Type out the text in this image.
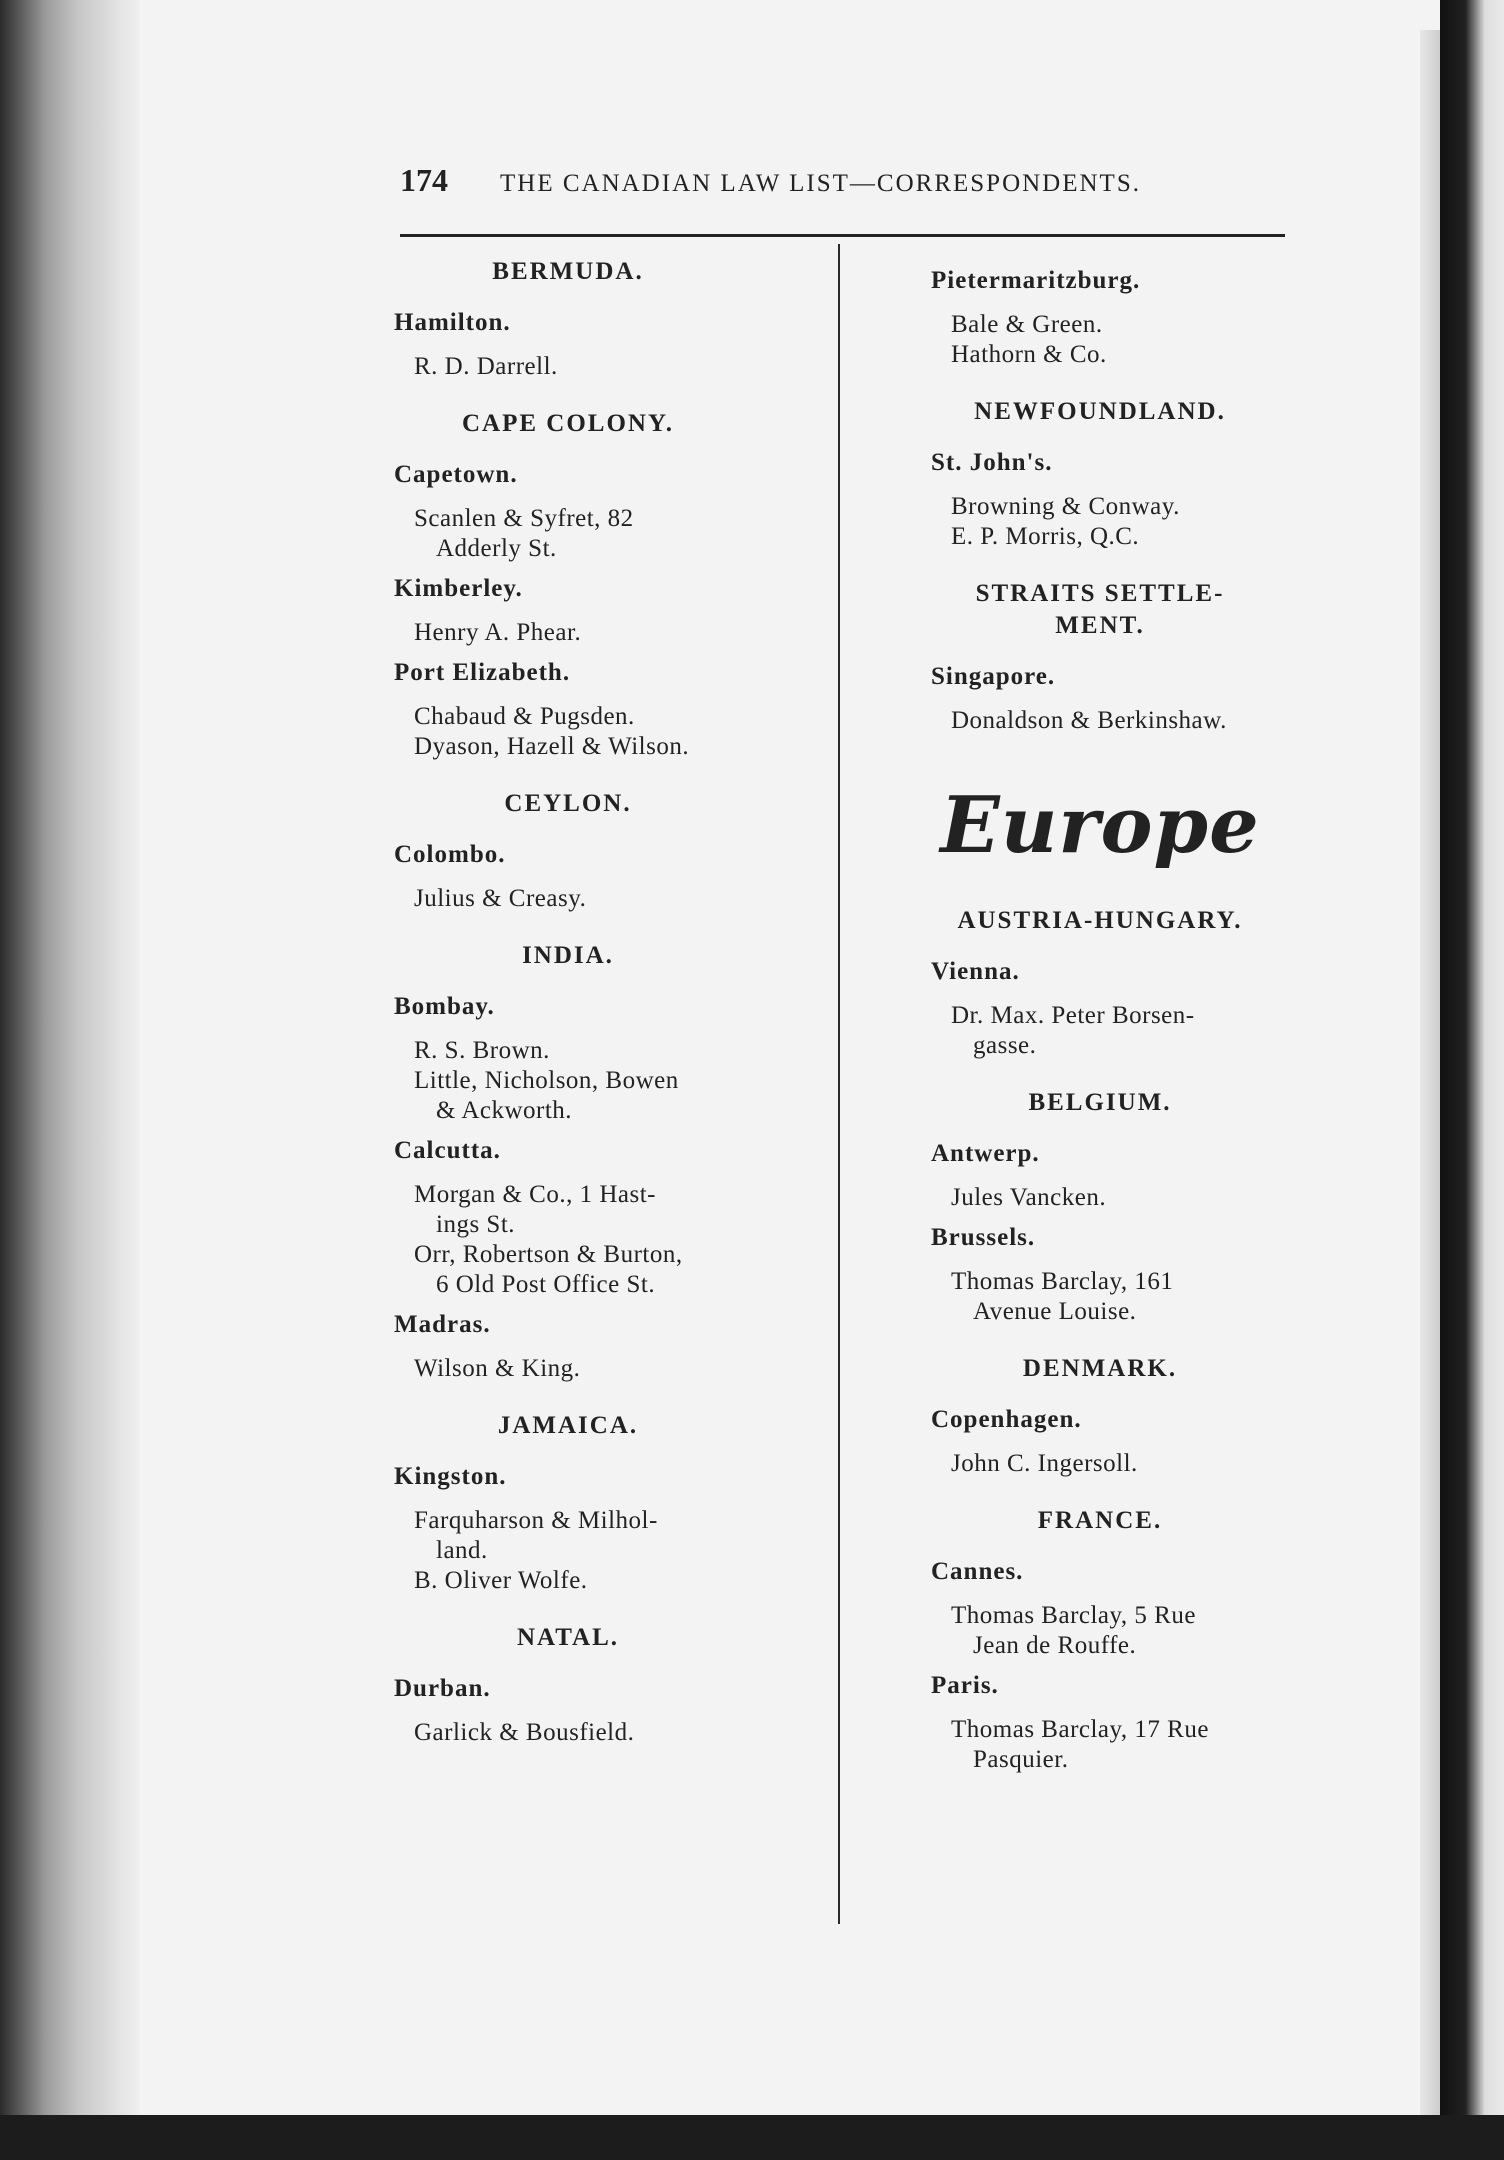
174 THE CANADIAN LAW LIST—CORRESPONDENTS.
BERMUDA.
Hamilton.
R. D. Darrell.
CAPE COLONY.
Capetown.
Scanlen & Syfret, 82
Adderly St.
Kimberley.
Henry A. Phear.
Port Elizabeth.
Chabaud & Pugsden.
Dyason, Hazell & Wilson.
CEYLON.
Colombo.
Julius & Creasy.
INDIA.
Bombay.
R. S. Brown.
Little, Nicholson, Bowen
& Ackworth.
Calcutta.
Morgan & Co., 1 Hast-
ings St.
Orr, Robertson & Burton,
6 Old Post Office St.
Madras.
Wilson & King.
JAMAICA.
Kingston.
Farquharson & Milhol-
land.
B. Oliver Wolfe.
NATAL.
Durban.
Garlick & Bousfield.
Pietermaritzburg.
Bale & Green.
Hathorn & Co.
NEWFOUNDLAND.
St. John's.
Browning & Conway.
E. P. Morris, Q.C.
STRAITS SETTLE-MENT.
Singapore.
Donaldson & Berkinshaw.
Europe
AUSTRIA-HUNGARY.
Vienna.
Dr. Max. Peter Borsen-
gasse.
BELGIUM.
Antwerp.
Jules Vancken.
Brussels.
Thomas Barclay, 161
Avenue Louise.
DENMARK.
Copenhagen.
John C. Ingersoll.
FRANCE.
Cannes.
Thomas Barclay, 5 Rue
Jean de Rouffe.
Paris.
Thomas Barclay, 17 Rue
Pasquier.
